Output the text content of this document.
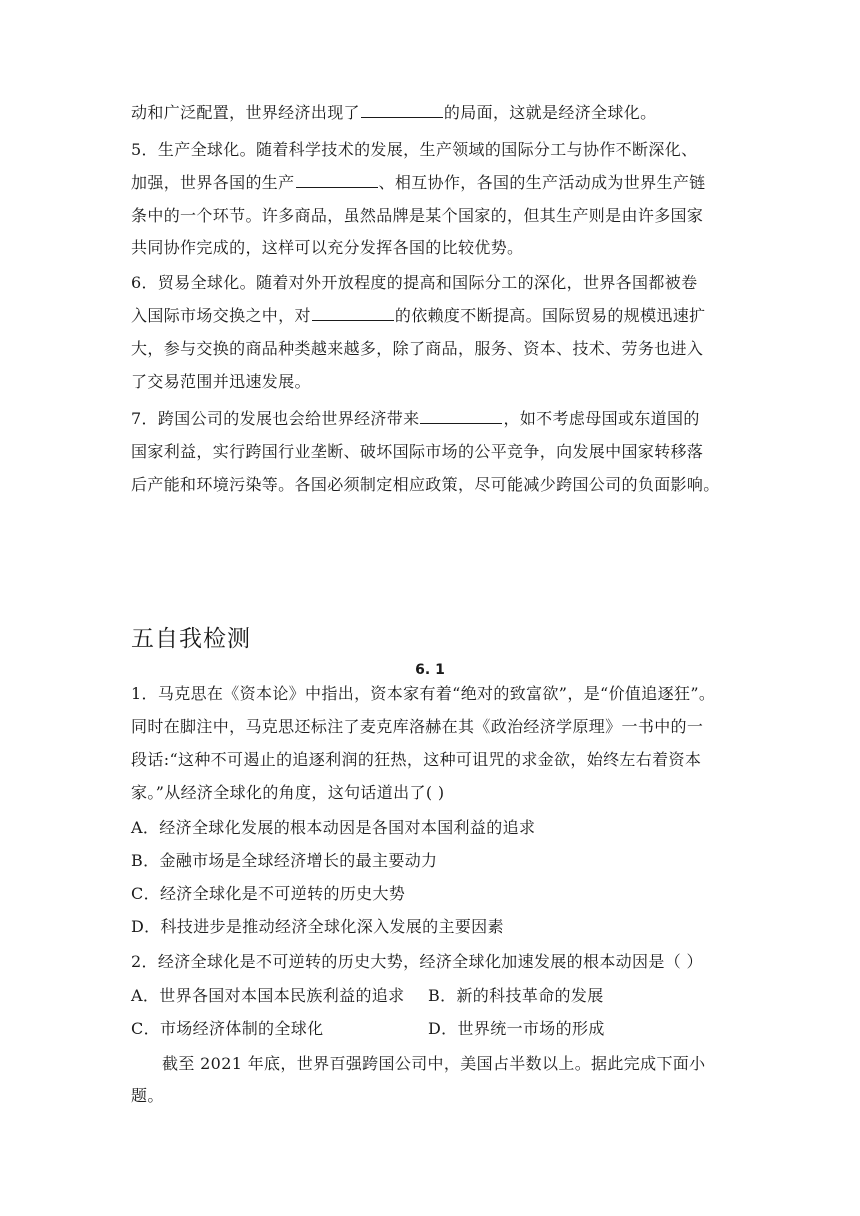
动和广泛配置，世界经济出现了	的局面，这就是经济全球化。
5．生产全球化。随着科学技术的发展，生产领域的国际分工与协作不断深化、
加强，世界各国的生产	、相互协作，各国的生产活动成为世界生产链
条中的一个环节。许多商品，虽然品牌是某个国家的，但其生产则是由许多国家
共同协作完成的，这样可以充分发挥各国的比较优势。
6．贸易全球化。随着对外开放程度的提高和国际分工的深化，世界各国都被卷
入国际市场交换之中，对	的依赖度不断提高。国际贸易的规模迅速扩
大，参与交换的商品种类越来越多，除了商品，服务、资本、技术、劳务也进入
了交易范围并迅速发展。
7．跨国公司的发展也会给世界经济带来	，如不考虑母国或东道国的
国家利益，实行跨国行业垄断、破坏国际市场的公平竞争，向发展中国家转移落
后产能和环境污染等。各国必须制定相应政策，尽可能减少跨国公司的负面影响。
五自我检测
6. 1
1．马克思在《资本论》中指出，资本家有着“绝对的致富欲”，是“价值追逐狂”。
同时在脚注中，马克思还标注了麦克库洛赫在其《政治经济学原理》一书中的一
段话:“这种不可遏止的追逐利润的狂热，这种可诅咒的求金欲，始终左右着资本
家。”从经济全球化的角度，这句话道出了( )
A．经济全球化发展的根本动因是各国对本国利益的追求
B．金融市场是全球经济增长的最主要动力
C．经济全球化是不可逆转的历史大势
D．科技进步是推动经济全球化深入发展的主要因素
2．经济全球化是不可逆转的历史大势，经济全球化加速发展的根本动因是（ ）
A．世界各国对本国本民族利益的追求 B．新的科技革命的发展
C．市场经济体制的全球化	D．世界统一市场的形成
截至 2021 年底，世界百强跨国公司中，美国占半数以上。据此完成下面小
题。
